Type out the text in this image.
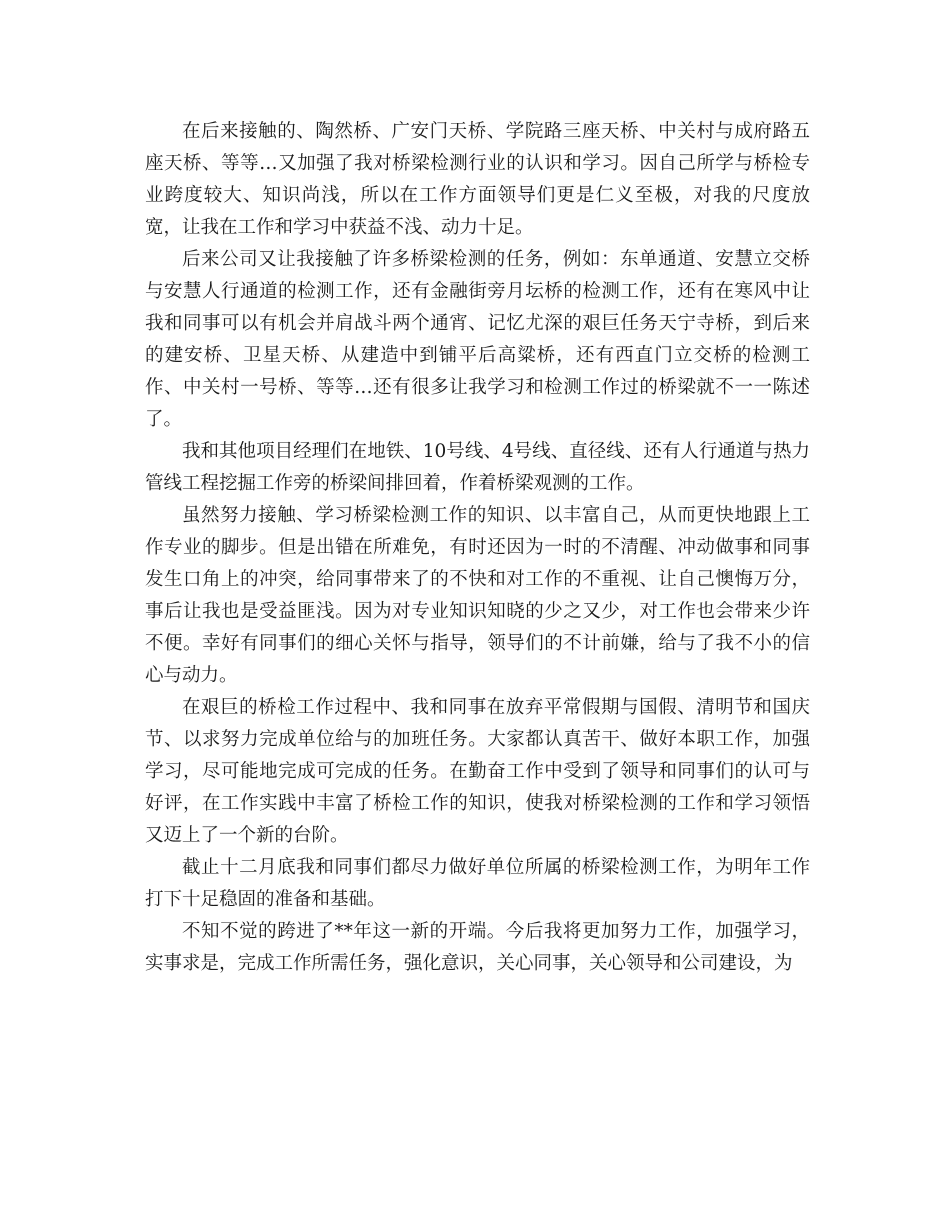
在后来接触的、陶然桥、广安门天桥、学院路三座天桥、中关村与成府路五座天桥、等等…又加强了我对桥梁检测行业的认识和学习。因自己所学与桥检专业跨度较大、知识尚浅，所以在工作方面领导们更是仁义至极，对我的尺度放宽，让我在工作和学习中获益不浅、动力十足。

后来公司又让我接触了许多桥梁检测的任务，例如：东单通道、安慧立交桥与安慧人行通道的检测工作，还有金融街旁月坛桥的检测工作，还有在寒风中让我和同事可以有机会并肩战斗两个通宵、记忆尤深的艰巨任务天宁寺桥，到后来的建安桥、卫星天桥、从建造中到铺平后高粱桥，还有西直门立交桥的检测工作、中关村一号桥、等等…还有很多让我学习和检测工作过的桥梁就不一一陈述了。

我和其他项目经理们在地铁、10号线、4号线、直径线、还有人行通道与热力管线工程挖掘工作旁的桥梁间排回着，作着桥梁观测的工作。

虽然努力接触、学习桥梁检测工作的知识、以丰富自己，从而更快地跟上工作专业的脚步。但是出错在所难免，有时还因为一时的不清醒、冲动做事和同事发生口角上的冲突，给同事带来了的不快和对工作的不重视、让自己懊悔万分，事后让我也是受益匪浅。因为对专业知识知晓的少之又少，对工作也会带来少许不便。幸好有同事们的细心关怀与指导，领导们的不计前嫌，给与了我不小的信心与动力。

在艰巨的桥检工作过程中、我和同事在放弃平常假期与国假、清明节和国庆节、以求努力完成单位给与的加班任务。大家都认真苦干、做好本职工作，加强学习，尽可能地完成可完成的任务。在勤奋工作中受到了领导和同事们的认可与好评，在工作实践中丰富了桥检工作的知识，使我对桥梁检测的工作和学习领悟又迈上了一个新的台阶。

截止十二月底我和同事们都尽力做好单位所属的桥梁检测工作，为明年工作打下十足稳固的准备和基础。

不知不觉的跨进了**年这一新的开端。今后我将更加努力工作，加强学习，实事求是，完成工作所需任务，强化意识，关心同事，关心领导和公司建设，为
